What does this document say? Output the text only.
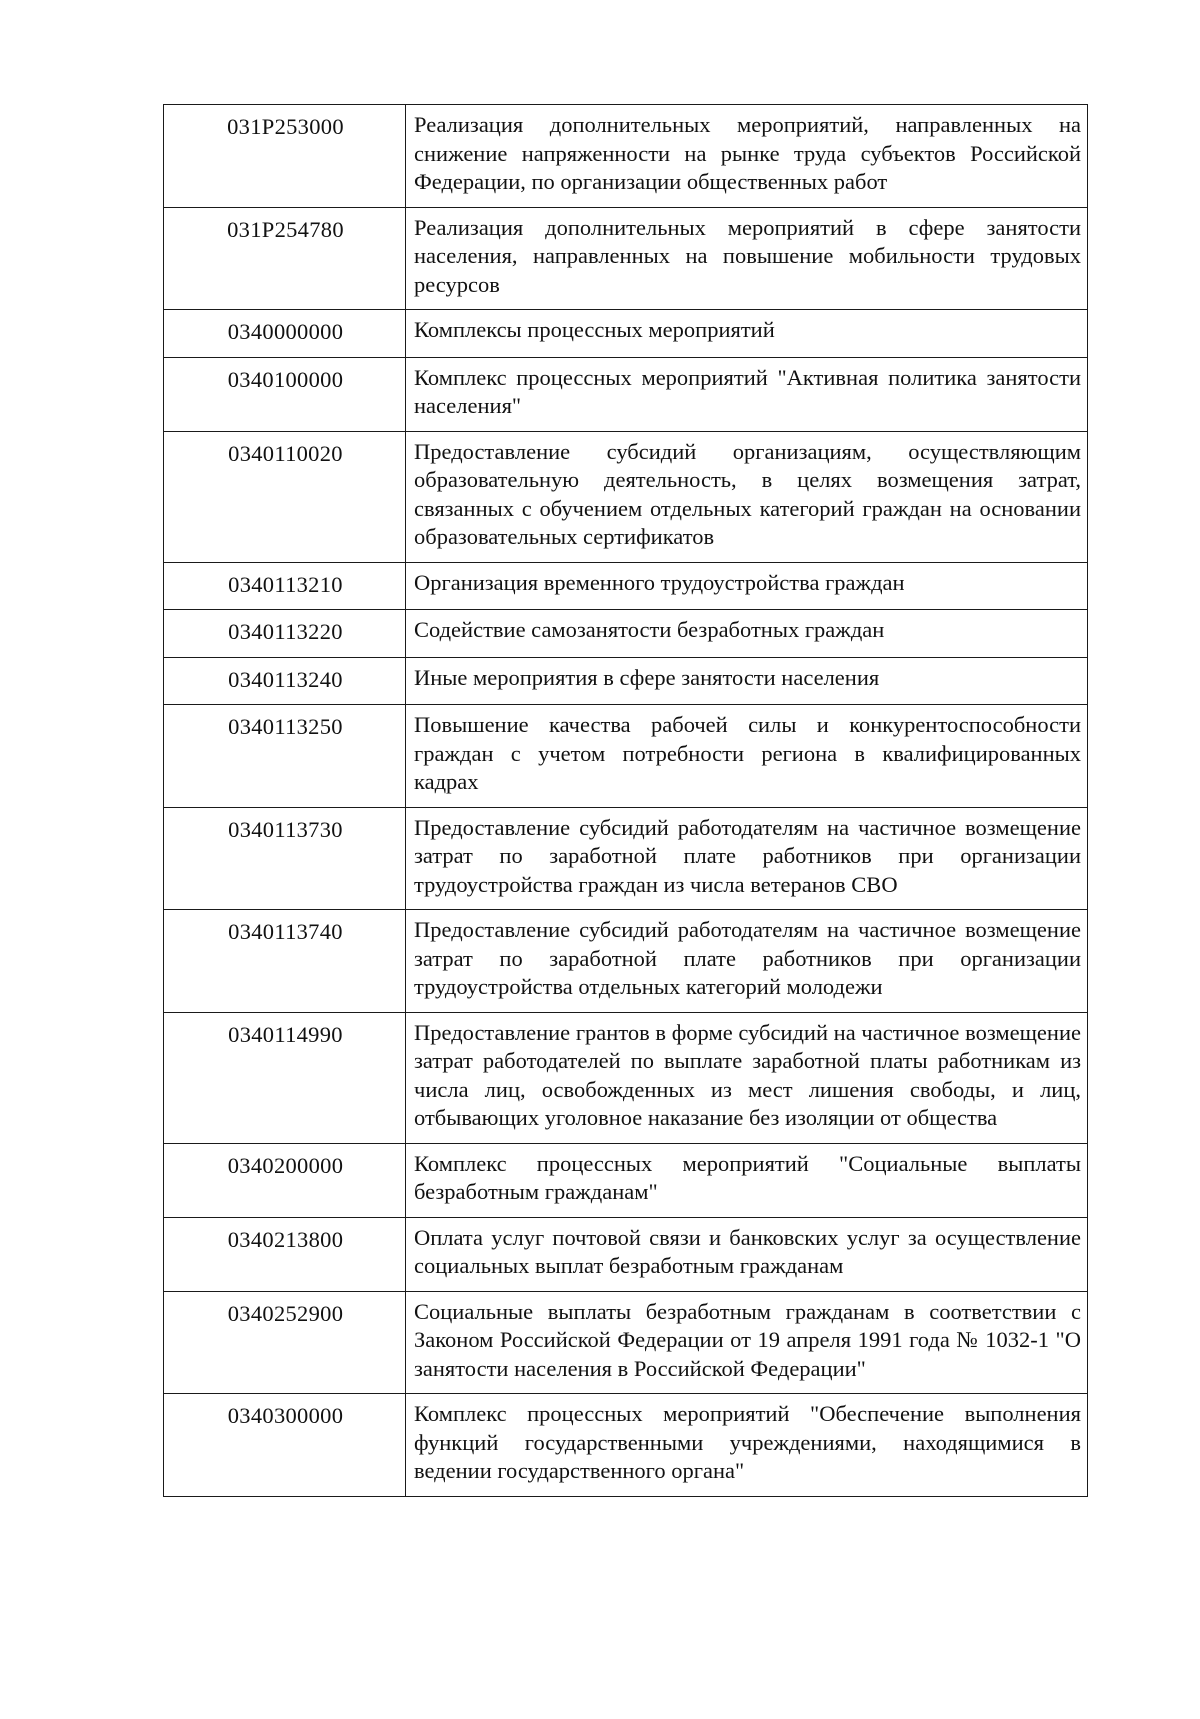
031P253000	Реализация дополнительных мероприятий, направленных на снижение напряженности на рынке труда субъектов Российской Федерации, по организации общественных работ
031P254780	Реализация дополнительных мероприятий в сфере занятости населения, направленных на повышение мобильности трудовых ресурсов
0340000000	Комплексы процессных мероприятий
0340100000	Комплекс процессных мероприятий "Активная политика занятости населения"
0340110020	Предоставление субсидий организациям, осуществляющим образовательную деятельность, в целях возмещения затрат, связанных с обучением отдельных категорий граждан на основании образовательных сертификатов
0340113210	Организация временного трудоустройства граждан
0340113220	Содействие самозанятости безработных граждан
0340113240	Иные мероприятия в сфере занятости населения
0340113250	Повышение качества рабочей силы и конкурентоспособности граждан с учетом потребности региона в квалифицированных кадрах
0340113730	Предоставление субсидий работодателям на частичное возмещение затрат по заработной плате работников при организации трудоустройства граждан из числа ветеранов СВО
0340113740	Предоставление субсидий работодателям на частичное возмещение затрат по заработной плате работников при организации трудоустройства отдельных категорий молодежи
0340114990	Предоставление грантов в форме субсидий на частичное возмещение затрат работодателей по выплате заработной платы работникам из числа лиц, освобожденных из мест лишения свободы, и лиц, отбывающих уголовное наказание без изоляции от общества
0340200000	Комплекс процессных мероприятий "Социальные выплаты безработным гражданам"
0340213800	Оплата услуг почтовой связи и банковских услуг за осуществление социальных выплат безработным гражданам
0340252900	Социальные выплаты безработным гражданам в соответствии с Законом Российской Федерации от 19 апреля 1991 года № 1032-1 "О занятости населения в Российской Федерации"
0340300000	Комплекс процессных мероприятий "Обеспечение выполнения функций государственными учреждениями, находящимися в ведении государственного органа"
